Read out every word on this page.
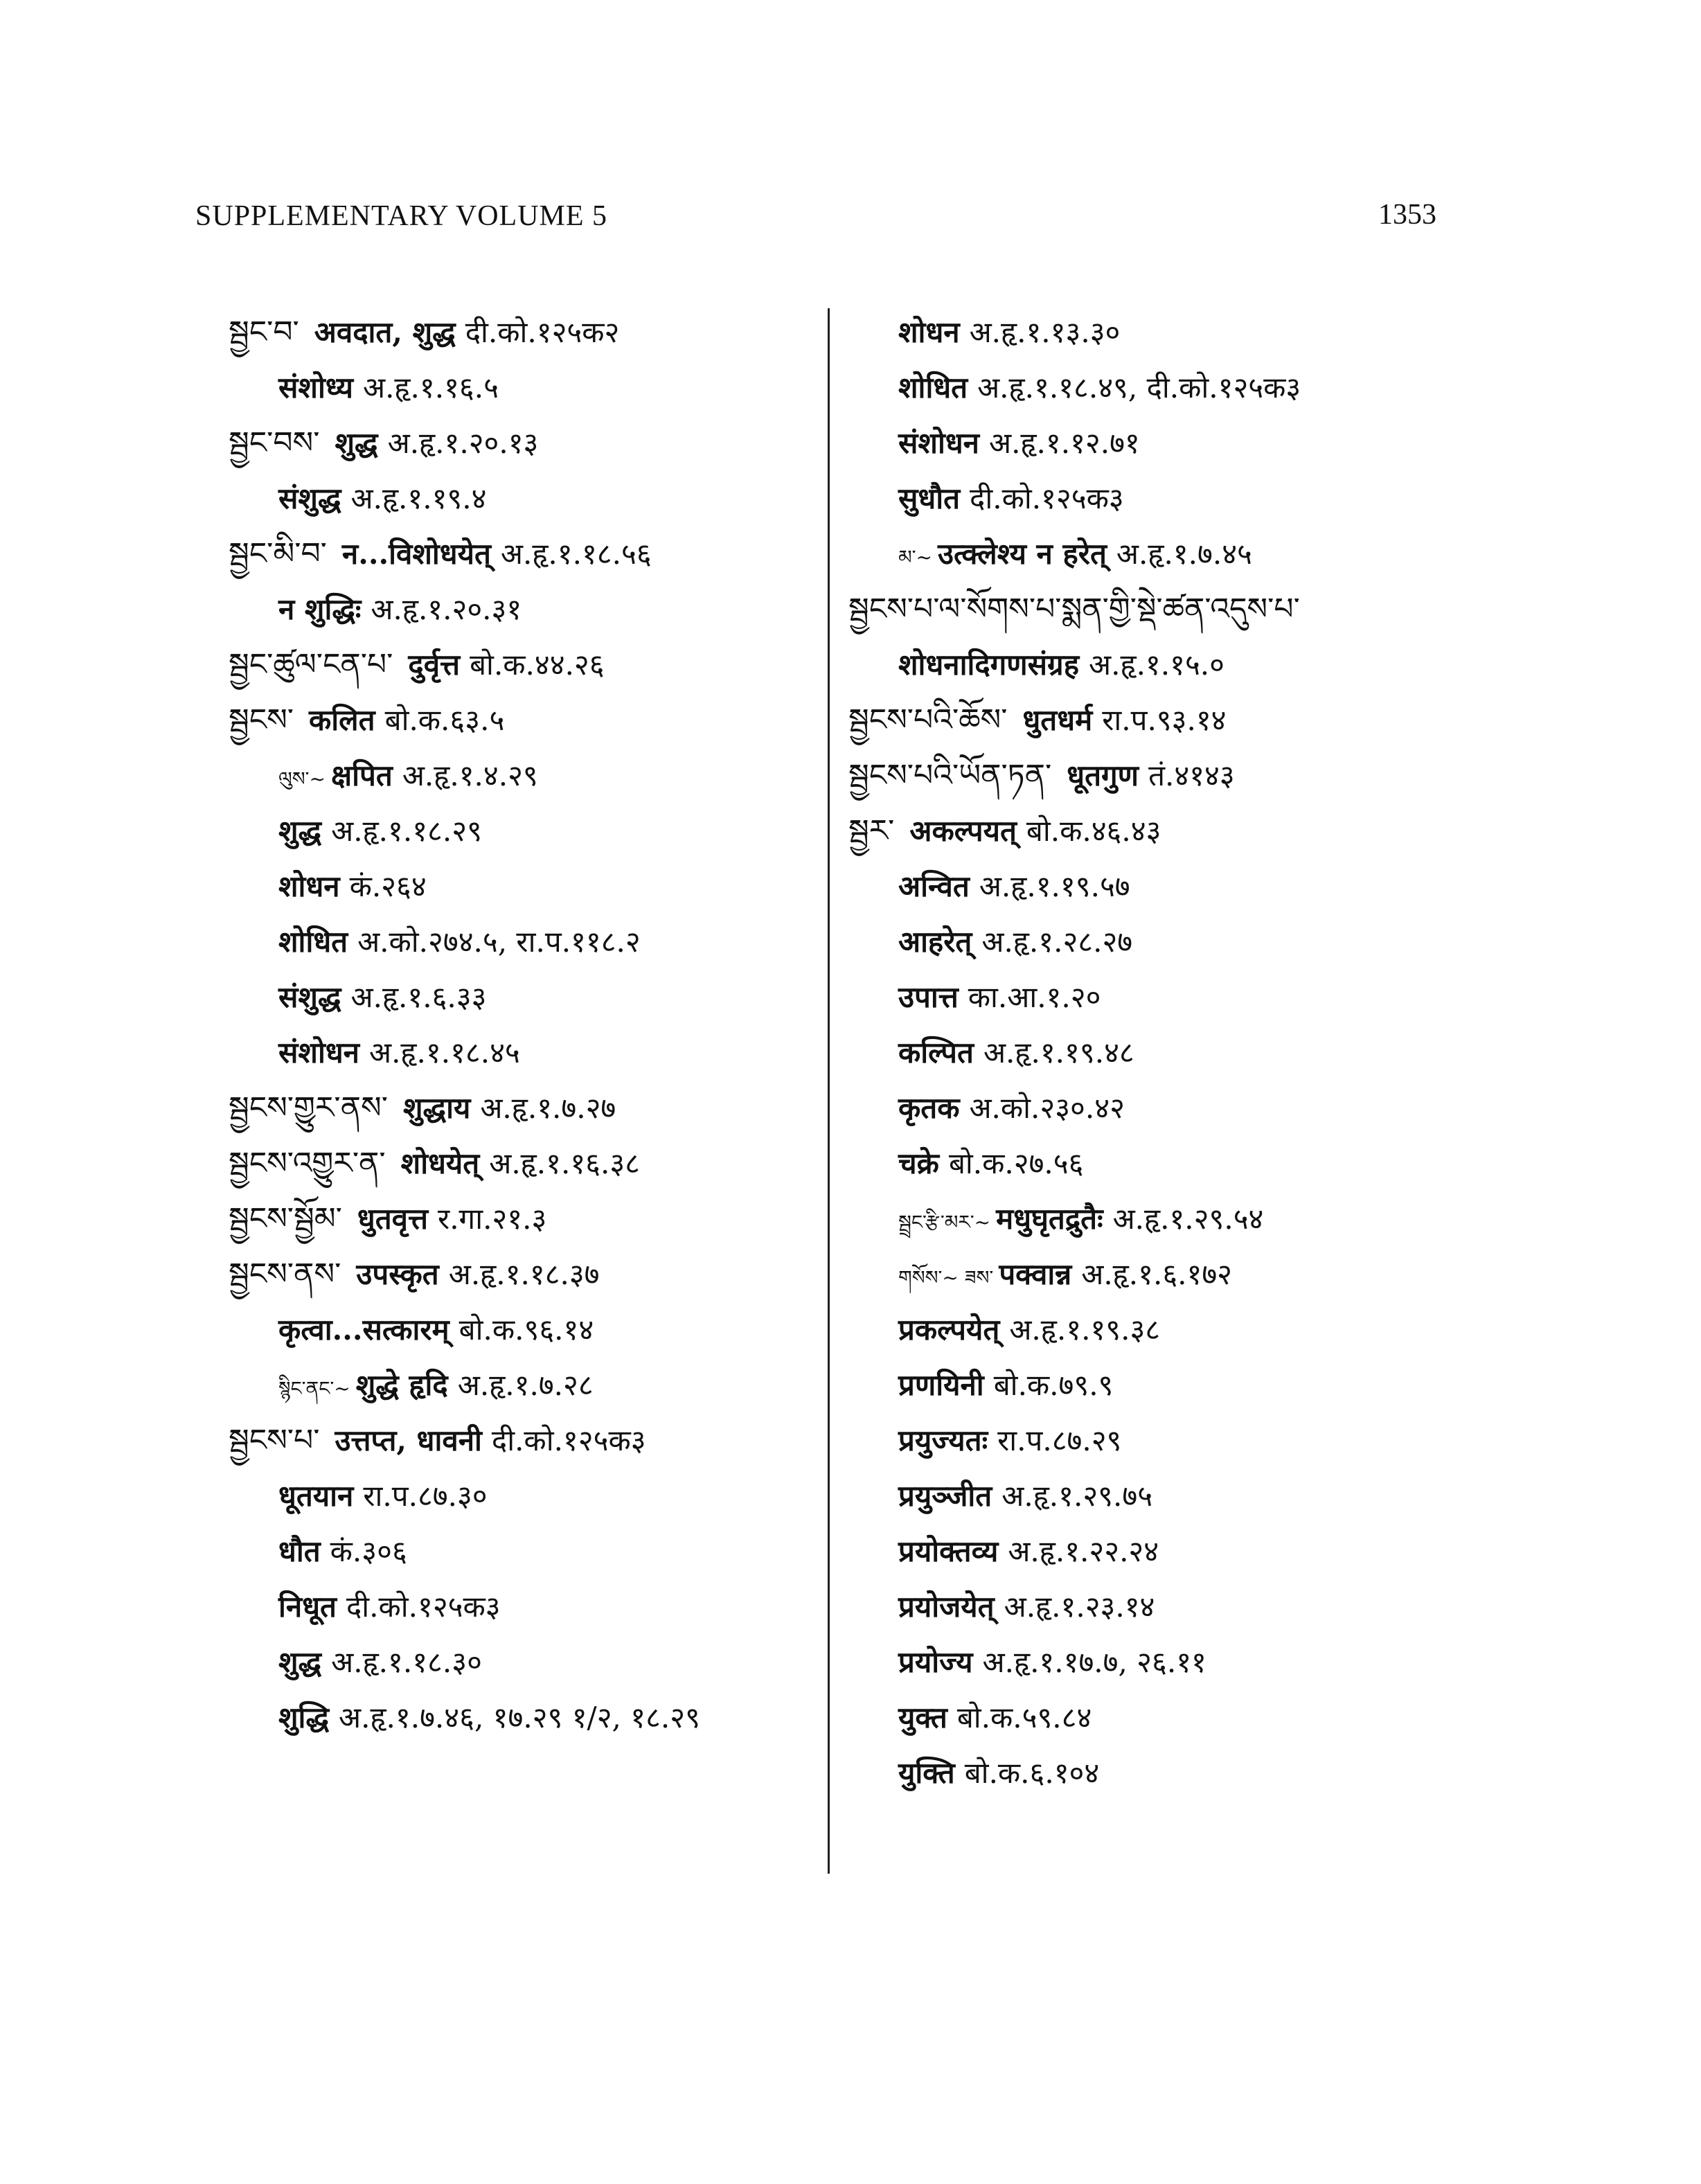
SUPPLEMENTARY VOLUME 5	1353
སྦྱང་བ་ अवदात, शुद्ध दी.को.१२५क२
संशोध्य अ.हृ.१.१६.५
སྦྱང་བས་ शुद्ध अ.हृ.१.२०.१३
संशुद्ध अ.हृ.१.१९.४
སྦྱང་མི་བ་ न...विशोधयेत् अ.हृ.१.१८.५६
न शुद्धिः अ.हृ.१.२०.३१
སྦྱང་ཚུལ་ངན་པ་ दुर्वृत्त बो.क.४४.२६
སྦྱངས་ कलित बो.क.६३.५
ལུས་~ क्षपित अ.हृ.१.४.२९
शुद्ध अ.हृ.१.१८.२९
शोधन कं.२६४
शोधित अ.को.२७४.५, रा.प.११८.२
संशुद्ध अ.हृ.१.६.३३
संशोधन अ.हृ.१.१८.४५
སྦྱངས་གྱུར་ནས་ शुद्धाय अ.हृ.१.७.२७
སྦྱངས་འགྱུར་ན་ शोधयेत् अ.हृ.१.१६.३८
སྦྱངས་སྦྱོམ་ धुतवृत्त र.गा.२१.३
སྦྱངས་ནས་ उपस्कृत अ.हृ.१.१८.३७
कृत्वा...सत्कारम् बो.क.९६.१४
སྙིང་ནང་~ शुद्धे हृदि अ.हृ.१.७.२८
སྦྱངས་པ་ उत्तप्त, धावनी दी.को.१२५क३
धूतयान रा.प.८७.३०
धौत कं.३०६
निधूत दी.को.१२५क३
शुद्ध अ.हृ.१.१८.३०
शुद्धि अ.हृ.१.७.४६, १७.२९ १/२, १८.२९
शोधन अ.हृ.१.१३.३०
शोधित अ.हृ.१.१८.४९, दी.को.१२५क३
संशोधन अ.हृ.१.१२.७१
सुधौत दी.को.१२५क३
མ་~ उत्क्लेश्य न हरेत् अ.हृ.१.७.४५
སྦྱངས་པ་ལ་སོགས་པ་སྨན་གྱི་སྡེ་ཚན་འདུས་པ་
शोधनादिगणसंग्रह अ.हृ.१.१५.०
སྦྱངས་པའི་ཆོས་ धुतधर्म रा.प.९३.१४
སྦྱངས་པའི་ཡོན་ཏན་ धूतगुण तं.४१४३
སྦྱར་ अकल्पयत् बो.क.४६.४३
अन्वित अ.हृ.१.१९.५७
आहरेत् अ.हृ.१.२८.२७
उपात्त का.आ.१.२०
कल्पित अ.हृ.१.१९.४८
कृतक अ.को.२३०.४२
चक्रे बो.क.२७.५६
སྦྲང་རྩི་མར་~ मधुघृतद्रुतैः अ.हृ.१.२९.५४
གསོས་~ ཟས་ पक्वान्न अ.हृ.१.६.१७२
प्रकल्पयेत् अ.हृ.१.१९.३८
प्रणयिनी बो.क.७९.९
प्रयुज्यतः रा.प.८७.२९
प्रयुञ्जीत अ.हृ.१.२९.७५
प्रयोक्तव्य अ.हृ.१.२२.२४
प्रयोजयेत् अ.हृ.१.२३.१४
प्रयोज्य अ.हृ.१.१७.७, २६.११
युक्त बो.क.५९.८४
युक्ति बो.क.६.१०४
